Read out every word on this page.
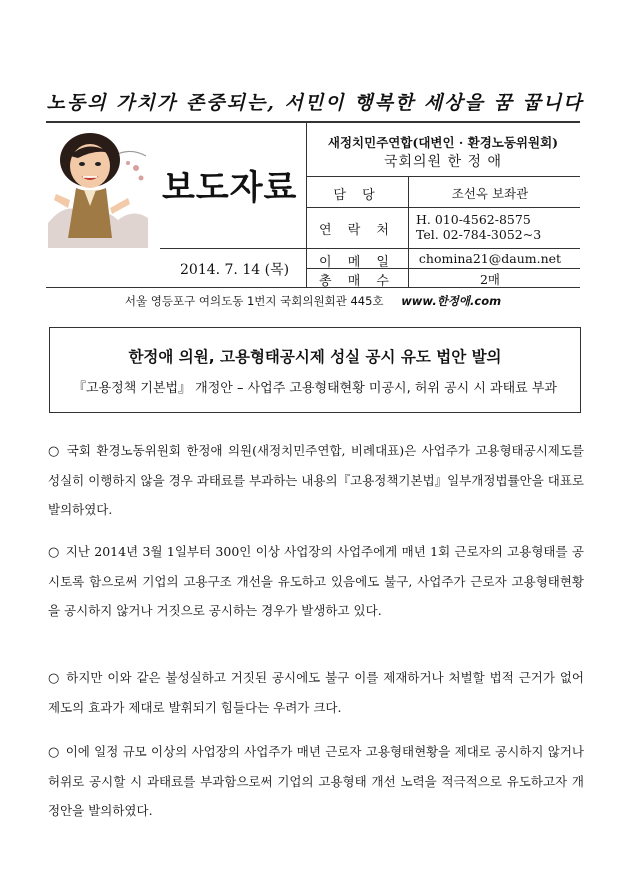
노동의 가치가 존중되는, 서민이 행복한 세상을 꿈 꿉니다
보도자료
2014. 7. 14 (목)
새정치민주연합(대변인 · 환경노동위원회)
국회의원 한 정 애
담 당	조선옥 보좌관
연 락 처
H. 010-4562-8575
Tel. 02-784-3052~3
이 메 일	chomina21@daum.net
총 매 수	2매
서울 영등포구 여의도동 1번지 국회의원회관 445호 www.한정애.com
한정애 의원, 고용형태공시제 성실 공시 유도 법안 발의
『고용정책 기본법』 개정안 – 사업주 고용형태현황 미공시, 허위 공시 시 과태료 부과
○ 국회 환경노동위원회 한정애 의원(새정치민주연합, 비례대표)은 사업주가 고용형태공시제도를 성실히 이행하지 않을 경우 과태료를 부과하는 내용의『고용정책기본법』일부개정법률안을 대표로 발의하였다.
○ 지난 2014년 3월 1일부터 300인 이상 사업장의 사업주에게 매년 1회 근로자의 고용형태를 공시토록 함으로써 기업의 고용구조 개선을 유도하고 있음에도 불구, 사업주가 근로자 고용형태현황을 공시하지 않거나 거짓으로 공시하는 경우가 발생하고 있다.
○ 하지만 이와 같은 불성실하고 거짓된 공시에도 불구 이를 제재하거나 처벌할 법적 근거가 없어 제도의 효과가 제대로 발휘되기 힘들다는 우려가 크다.
○ 이에 일정 규모 이상의 사업장의 사업주가 매년 근로자 고용형태현황을 제대로 공시하지 않거나 허위로 공시할 시 과태료를 부과함으로써 기업의 고용형태 개선 노력을 적극적으로 유도하고자 개정안을 발의하였다.
